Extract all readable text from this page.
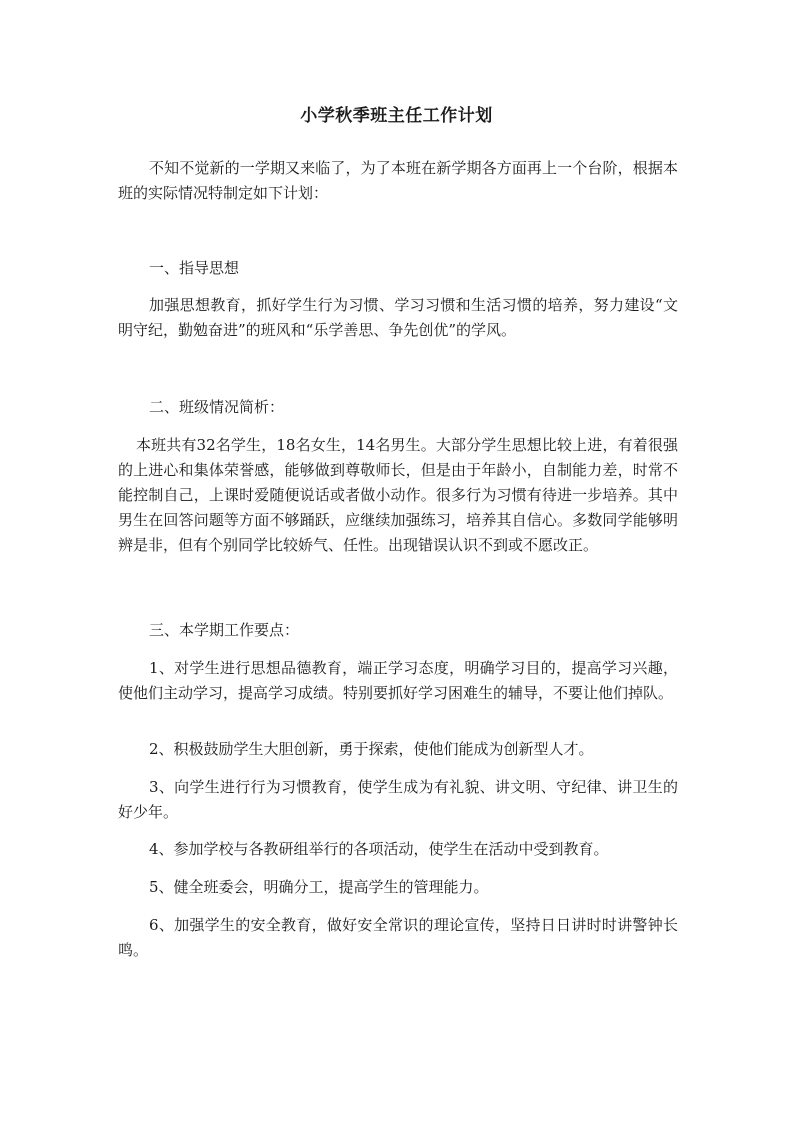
小学秋季班主任工作计划

不知不觉新的一学期又来临了，为了本班在新学期各方面再上一个台阶，根据本班的实际情况特制定如下计划：

一、指导思想

加强思想教育，抓好学生行为习惯、学习习惯和生活习惯的培养，努力建设“文明守纪，勤勉奋进”的班风和“乐学善思、争先创优”的学风。

二、班级情况简析：

本班共有32名学生，18名女生，14名男生。大部分学生思想比较上进，有着很强的上进心和集体荣誉感，能够做到尊敬师长，但是由于年龄小，自制能力差，时常不能控制自己，上课时爱随便说话或者做小动作。很多行为习惯有待进一步培养。其中男生在回答问题等方面不够踊跃，应继续加强练习，培养其自信心。多数同学能够明辨是非，但有个别同学比较娇气、任性。出现错误认识不到或不愿改正。

三、本学期工作要点：

1、对学生进行思想品德教育，端正学习态度，明确学习目的，提高学习兴趣，使他们主动学习，提高学习成绩。特别要抓好学习困难生的辅导，不要让他们掉队。

2、积极鼓励学生大胆创新，勇于探索，使他们能成为创新型人才。

3、向学生进行行为习惯教育，使学生成为有礼貌、讲文明、守纪律、讲卫生的好少年。

4、参加学校与各教研组举行的各项活动，使学生在活动中受到教育。

5、健全班委会，明确分工，提高学生的管理能力。

6、加强学生的安全教育，做好安全常识的理论宣传，坚持日日讲时时讲警钟长鸣。
